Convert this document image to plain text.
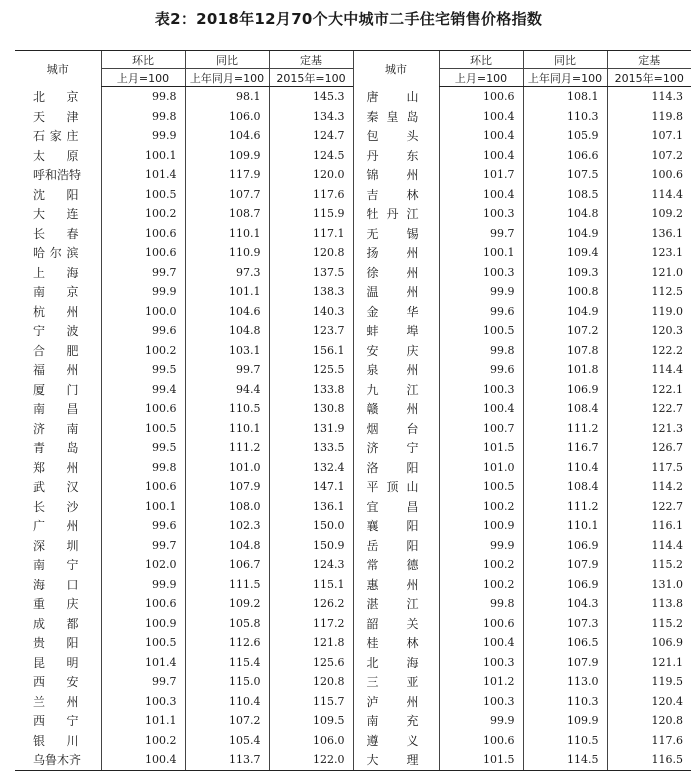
表2：2018年12月70个大中城市二手住宅销售价格指数
城市	环比	同比	定基	城市	环比	同比	定基
	上月=100	上年同月=100	2015年=100		上月=100	上年同月=100	2015年=100
北京	99.8	98.1	145.3	唐山	100.6	108.1	114.3
天津	99.8	106.0	134.3	秦皇岛	100.4	110.3	119.8
石家庄	99.9	104.6	124.7	包头	100.4	105.9	107.1
太原	100.1	109.9	124.5	丹东	100.4	106.6	107.2
呼和浩特	101.4	117.9	120.0	锦州	101.7	107.5	100.6
沈阳	100.5	107.7	117.6	吉林	100.4	108.5	114.4
大连	100.2	108.7	115.9	牡丹江	100.3	104.8	109.2
长春	100.6	110.1	117.1	无锡	99.7	104.9	136.1
哈尔滨	100.6	110.9	120.8	扬州	100.1	109.4	123.1
上海	99.7	97.3	137.5	徐州	100.3	109.3	121.0
南京	99.9	101.1	138.3	温州	99.9	100.8	112.5
杭州	100.0	104.6	140.3	金华	99.6	104.9	119.0
宁波	99.6	104.8	123.7	蚌埠	100.5	107.2	120.3
合肥	100.2	103.1	156.1	安庆	99.8	107.8	122.2
福州	99.5	99.7	125.5	泉州	99.6	101.8	114.4
厦门	99.4	94.4	133.8	九江	100.3	106.9	122.1
南昌	100.6	110.5	130.8	赣州	100.4	108.4	122.7
济南	100.5	110.1	131.9	烟台	100.7	111.2	121.3
青岛	99.5	111.2	133.5	济宁	101.5	116.7	126.7
郑州	99.8	101.0	132.4	洛阳	101.0	110.4	117.5
武汉	100.6	107.9	147.1	平顶山	100.5	108.4	114.2
长沙	100.1	108.0	136.1	宜昌	100.2	111.2	122.7
广州	99.6	102.3	150.0	襄阳	100.9	110.1	116.1
深圳	99.7	104.8	150.9	岳阳	99.9	106.9	114.4
南宁	102.0	106.7	124.3	常德	100.2	107.9	115.2
海口	99.9	111.5	115.1	惠州	100.2	106.9	131.0
重庆	100.6	109.2	126.2	湛江	99.8	104.3	113.8
成都	100.9	105.8	117.2	韶关	100.6	107.3	115.2
贵阳	100.5	112.6	121.8	桂林	100.4	106.5	106.9
昆明	101.4	115.4	125.6	北海	100.3	107.9	121.1
西安	99.7	115.0	120.8	三亚	101.2	113.0	119.5
兰州	100.3	110.4	115.7	泸州	100.3	110.3	120.4
西宁	101.1	107.2	109.5	南充	99.9	109.9	120.8
银川	100.2	105.4	106.0	遵义	100.6	110.5	117.6
乌鲁木齐	100.4	113.7	122.0	大理	101.5	114.5	116.5
